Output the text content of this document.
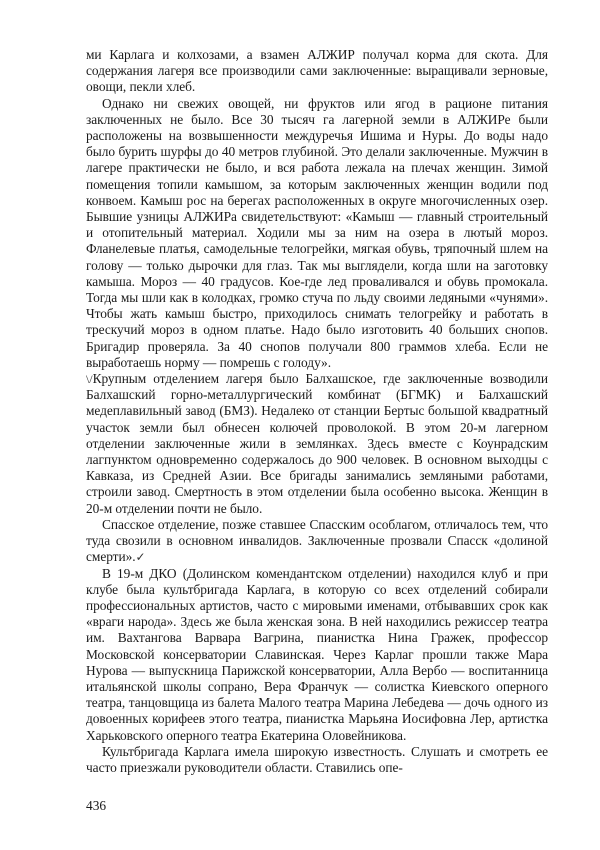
ми Карлага и колхозами, а взамен АЛЖИР получал корма для скота. Для содержания лагеря все производили сами заключенные: выращивали зерновые, овощи, пекли хлеб.

Однако ни свежих овощей, ни фруктов или ягод в рационе питания заключенных не было. Все 30 тысяч га лагерной земли в АЛЖИРе были расположены на возвышенности междуречья Ишима и Нуры. До воды надо было бурить шурфы до 40 метров глубиной. Это делали заключенные. Мужчин в лагере практически не было, и вся работа лежала на плечах женщин. Зимой помещения топили камышом, за которым заключенных женщин водили под конвоем. Камыш рос на берегах расположенных в округе многочисленных озер. Бывшие узницы АЛЖИРа свидетельствуют: «Камыш — главный строительный и отопительный материал. Ходили мы за ним на озера в лютый мороз. Фланелевые платья, самодельные телогрейки, мягкая обувь, тряпочный шлем на голову — только дырочки для глаз. Так мы выглядели, когда шли на заготовку камыша. Мороз — 40 градусов. Кое-где лед проваливался и обувь промокала. Тогда мы шли как в колодках, громко стуча по льду своими ледяными «чунями». Чтобы жать камыш быстро, приходилось снимать телогрейку и работать в трескучий мороз в одном платье. Надо было изготовить 40 больших снопов. Бригадир проверяла. За 40 снопов получали 800 граммов хлеба. Если не выработаешь норму — помрешь с голоду».

\/Крупным отделением лагеря было Балхашское, где заключенные возводили Балхашский горно-металлургический комбинат (БГМК) и Балхашский медеплавильный завод (БМЗ). Недалеко от станции Бертыс большой квадратный участок земли был обнесен колючей проволокой. В этом 20-м лагерном отделении заключенные жили в землянках. Здесь вместе с Коунрадским лагпунктом одновременно содержалось до 900 человек. В основном выходцы с Кавказа, из Средней Азии. Все бригады занимались земляными работами, строили завод. Смертность в этом отделении была особенно высока. Женщин в 20-м отделении почти не было.

Спасское отделение, позже ставшее Спасским особлагом, отличалось тем, что туда свозили в основном инвалидов. Заключенные прозвали Спасск «долиной смерти».✓

В 19-м ДКО (Долинском комендантском отделении) находился клуб и при клубе была культбригада Карлага, в которую со всех отделений собирали профессиональных артистов, часто с мировыми именами, отбывавших срок как «враги народа». Здесь же была женская зона. В ней находились режиссер театра им. Вахтангова Варвара Вагрина, пианистка Нина Гражек, профессор Московской консерватории Славинская. Через Карлаг прошли также Мара Нурова — выпускница Парижской консерватории, Алла Вербо — воспитанница итальянской школы сопрано, Вера Франчук — солистка Киевского оперного театра, танцовщица из балета Малого театра Марина Лебедева — дочь одного из довоенных корифеев этого театра, пианистка Марьяна Иосифовна Лер, артистка Харьковского оперного театра Екатерина Оловейникова.

Культбригада Карлага имела широкую известность. Слушать и смотреть ее часто приезжали руководители области. Ставились опе-

436
